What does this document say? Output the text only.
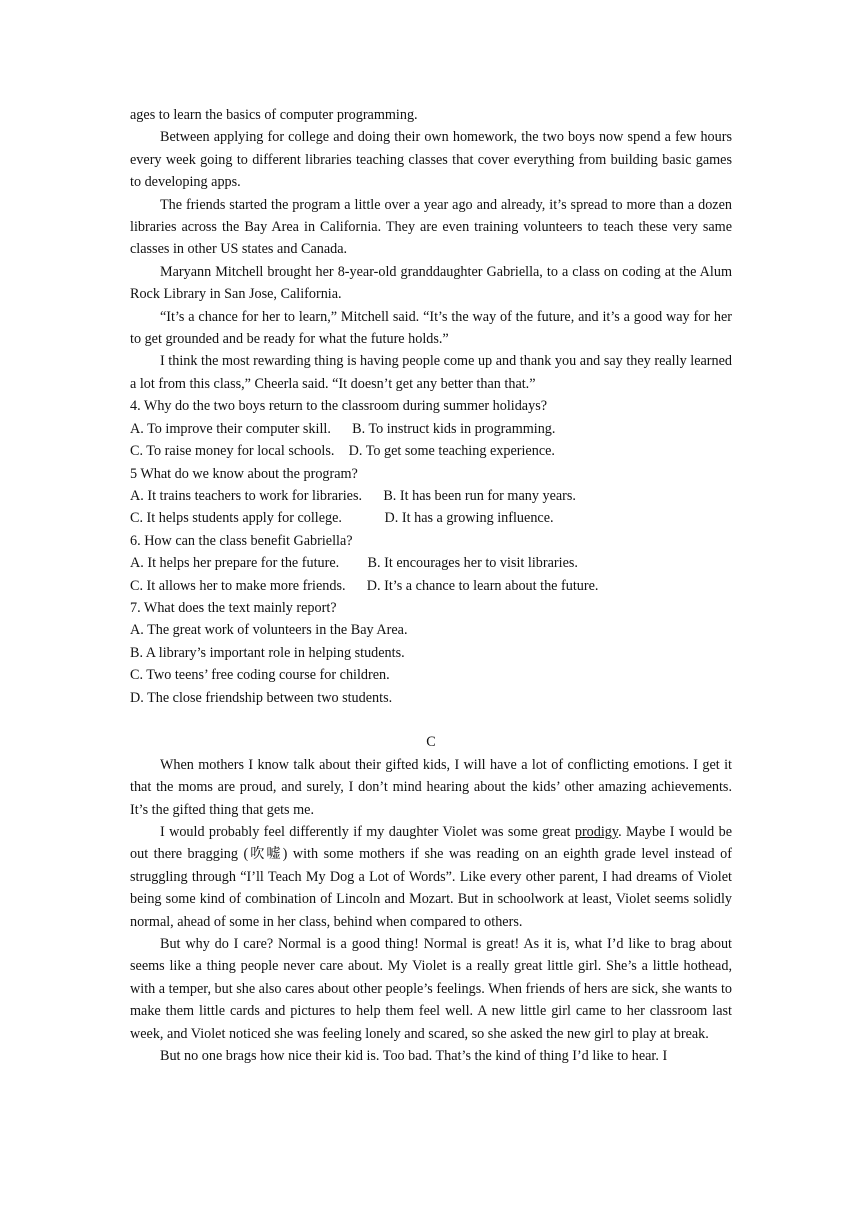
ages to learn the basics of computer programming.

Between applying for college and doing their own homework, the two boys now spend a few hours every week going to different libraries teaching classes that cover everything from building basic games to developing apps.

The friends started the program a little over a year ago and already, it’s spread to more than a dozen libraries across the Bay Area in California. They are even training volunteers to teach these very same classes in other US states and Canada.

Maryann Mitchell brought her 8-year-old granddaughter Gabriella, to a class on coding at the Alum Rock Library in San Jose, California.

“It’s a chance for her to learn,” Mitchell said. “It’s the way of the future, and it’s a good way for her to get grounded and be ready for what the future holds.”

I think the most rewarding thing is having people come up and thank you and say they really learned a lot from this class,” Cheerla said. “It doesn’t get any better than that.”

4. Why do the two boys return to the classroom during summer holidays?

A. To improve their computer skill.      B. To instruct kids in programming.

C. To raise money for local schools.    D. To get some teaching experience.

5 What do we know about the program?

A. It trains teachers to work for libraries.      B. It has been run for many years.

C. It helps students apply for college.            D. It has a growing influence.

6. How can the class benefit Gabriella?

A. It helps her prepare for the future.        B. It encourages her to visit libraries.

C. It allows her to make more friends.      D. It’s a chance to learn about the future.

7. What does the text mainly report?

A. The great work of volunteers in the Bay Area.

B. A library’s important role in helping students.

C. Two teens’ free coding course for children.

D. The close friendship between two students.

C

When mothers I know talk about their gifted kids, I will have a lot of conflicting emotions. I get it that the moms are proud, and surely, I don’t mind hearing about the kids’ other amazing achievements. It’s the gifted thing that gets me.

I would probably feel differently if my daughter Violet was some great prodigy. Maybe I would be out there bragging (吹嘘) with some mothers if she was reading on an eighth grade level instead of struggling through “I’ll Teach My Dog a Lot of Words”. Like every other parent, I had dreams of Violet being some kind of combination of Lincoln and Mozart. But in schoolwork at least, Violet seems solidly normal, ahead of some in her class, behind when compared to others.

But why do I care? Normal is a good thing! Normal is great! As it is, what I’d like to brag about seems like a thing people never care about. My Violet is a really great little girl. She’s a little hothead, with a temper, but she also cares about other people’s feelings. When friends of hers are sick, she wants to make them little cards and pictures to help them feel well. A new little girl came to her classroom last week, and Violet noticed she was feeling lonely and scared, so she asked the new girl to play at break.

But no one brags how nice their kid is. Too bad. That’s the kind of thing I’d like to hear. I
